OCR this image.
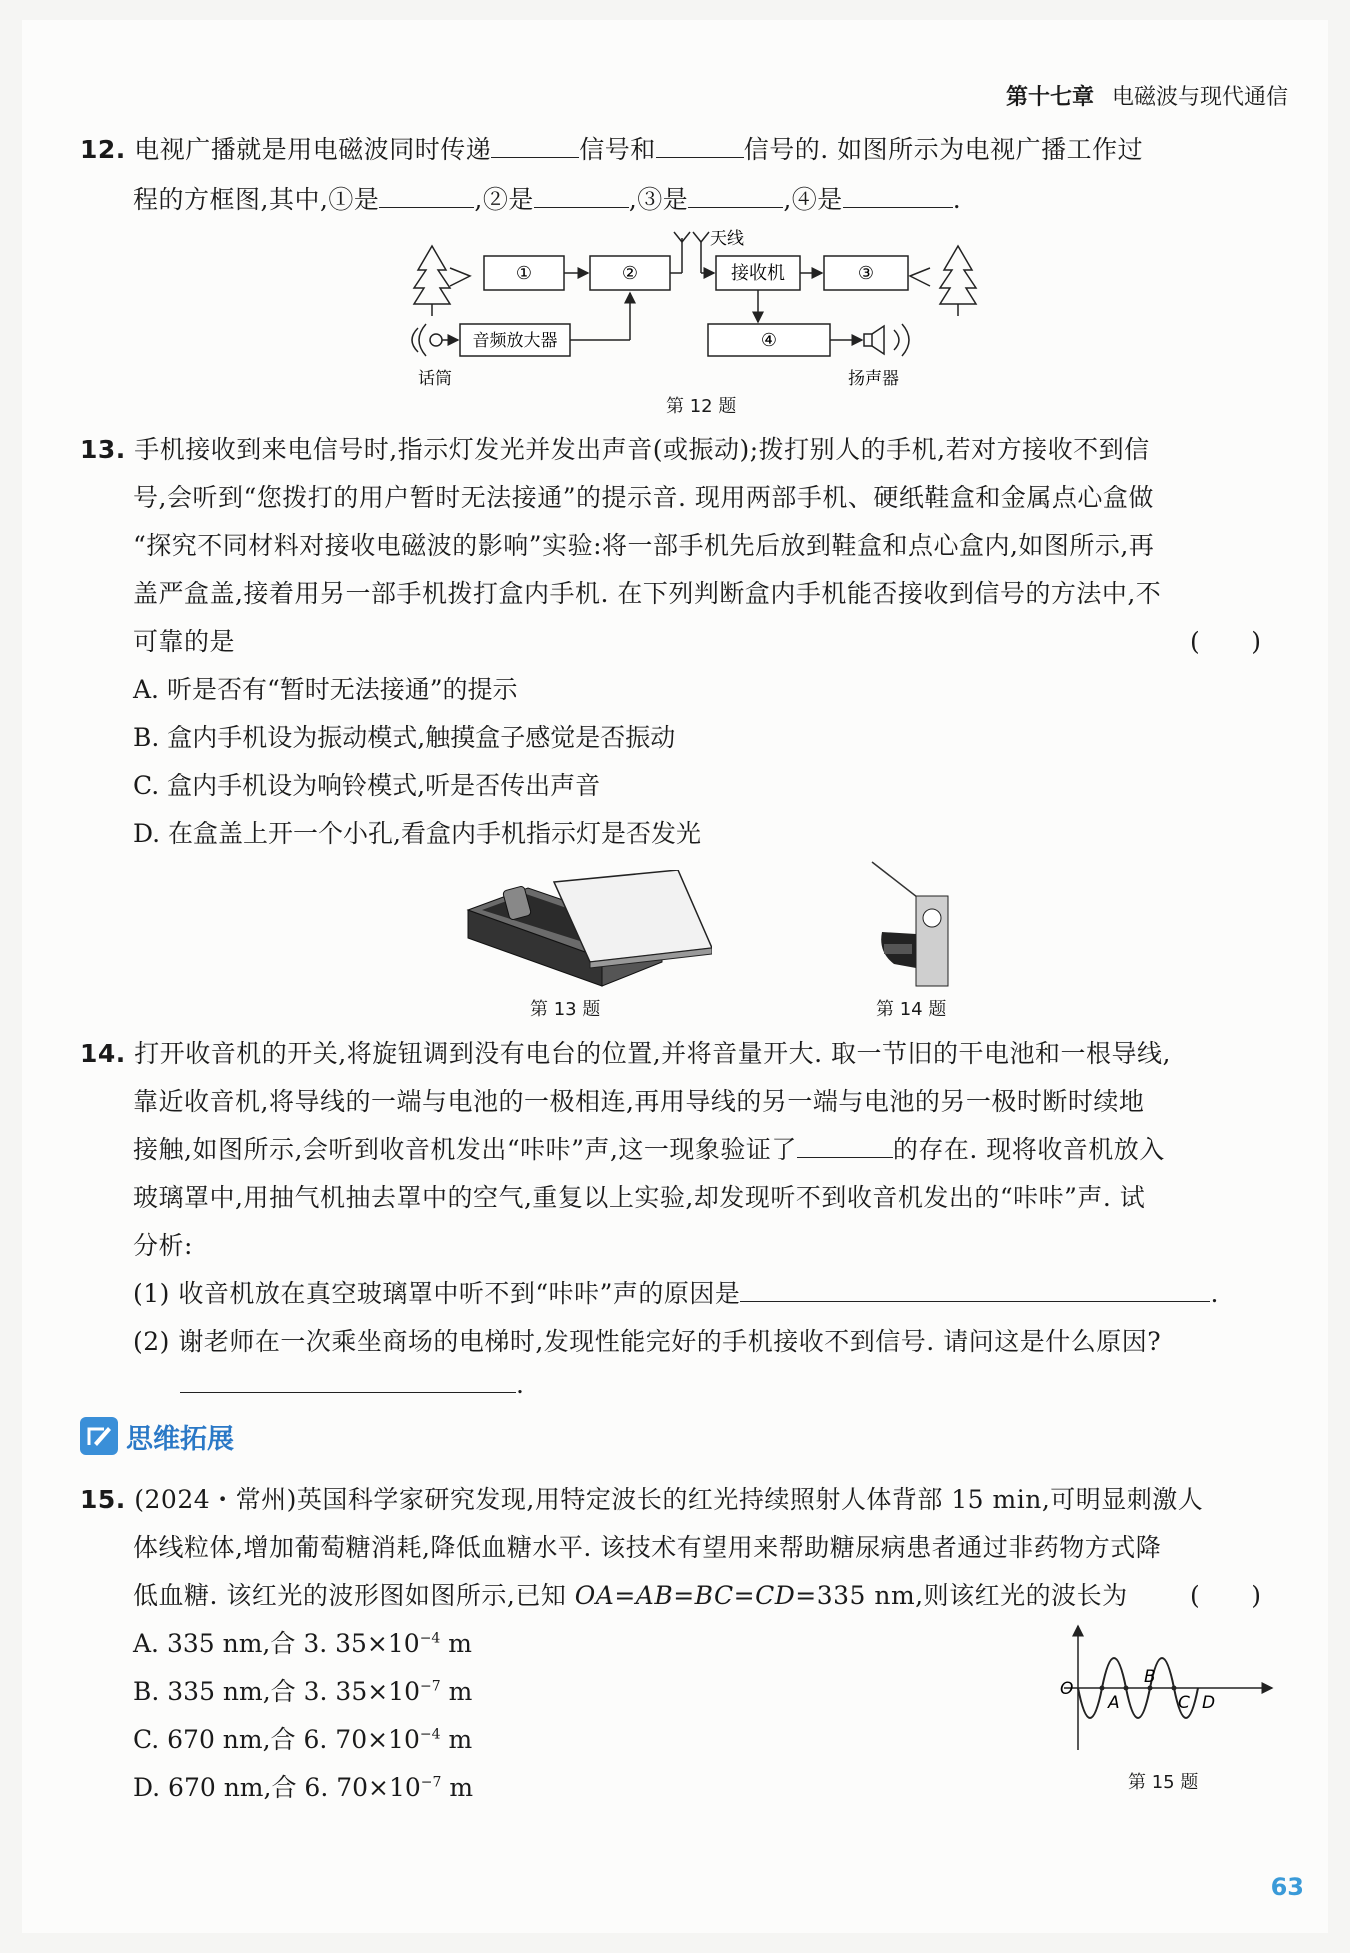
第十七章 电磁波与现代通信
12. 电视广播就是用电磁波同时传递	信号和	信号的. 如图所示为电视广播工作过
程的方框图,其中,①是	,②是	,③是	,④是	.
①	②
天线
接收机	③
音频放大器	④
话筒	扬声器
第 12 题
13. 手机接收到来电信号时,指示灯发光并发出声音(或振动);拨打别人的手机,若对方接收不到信
号,会听到“您拨打的用户暂时无法接通”的提示音. 现用两部手机、硬纸鞋盒和金属点心盒做
“探究不同材料对接收电磁波的影响”实验:将一部手机先后放到鞋盒和点心盒内,如图所示,再
盖严盒盖,接着用另一部手机拨打盒内手机. 在下列判断盒内手机能否接收到信号的方法中,不
可靠的是	(　　)
A. 听是否有“暂时无法接通”的提示
B. 盒内手机设为振动模式,触摸盒子感觉是否振动
C. 盒内手机设为响铃模式,听是否传出声音
D. 在盒盖上开一个小孔,看盒内手机指示灯是否发光
第 13 题	第 14 题
14. 打开收音机的开关,将旋钮调到没有电台的位置,并将音量开大. 取一节旧的干电池和一根导线,
靠近收音机,将导线的一端与电池的一极相连,再用导线的另一端与电池的另一极时断时续地
接触,如图所示,会听到收音机发出“咔咔”声,这一现象验证了	的存在. 现将收音机放入
玻璃罩中,用抽气机抽去罩中的空气,重复以上实验,却发现听不到收音机发出的“咔咔”声. 试
分析:
(1) 收音机放在真空玻璃罩中听不到“咔咔”声的原因是	.
(2) 谢老师在一次乘坐商场的电梯时,发现性能完好的手机接收不到信号. 请问这是什么原因?
.
思维拓展
15. (2024・常州)英国科学家研究发现,用特定波长的红光持续照射人体背部 15 min,可明显刺激人
体线粒体,增加葡萄糖消耗,降低血糖水平. 该技术有望用来帮助糖尿病患者通过非药物方式降
低血糖. 该红光的波形图如图所示,已知 OA=AB=BC=CD=335 nm,则该红光的波长为 (　　)
A. 335 nm,合 3. $35\times 10^{-4}$ m
B. 335 nm,合 3. $35\times 10^{-7}$ m
C. 670 nm,合 6. $70\times 10^{-4}$ m
D. 670 nm,合 6. $70\times 10^{-7}$ m
O
A
B
C D
第 15 题
63
